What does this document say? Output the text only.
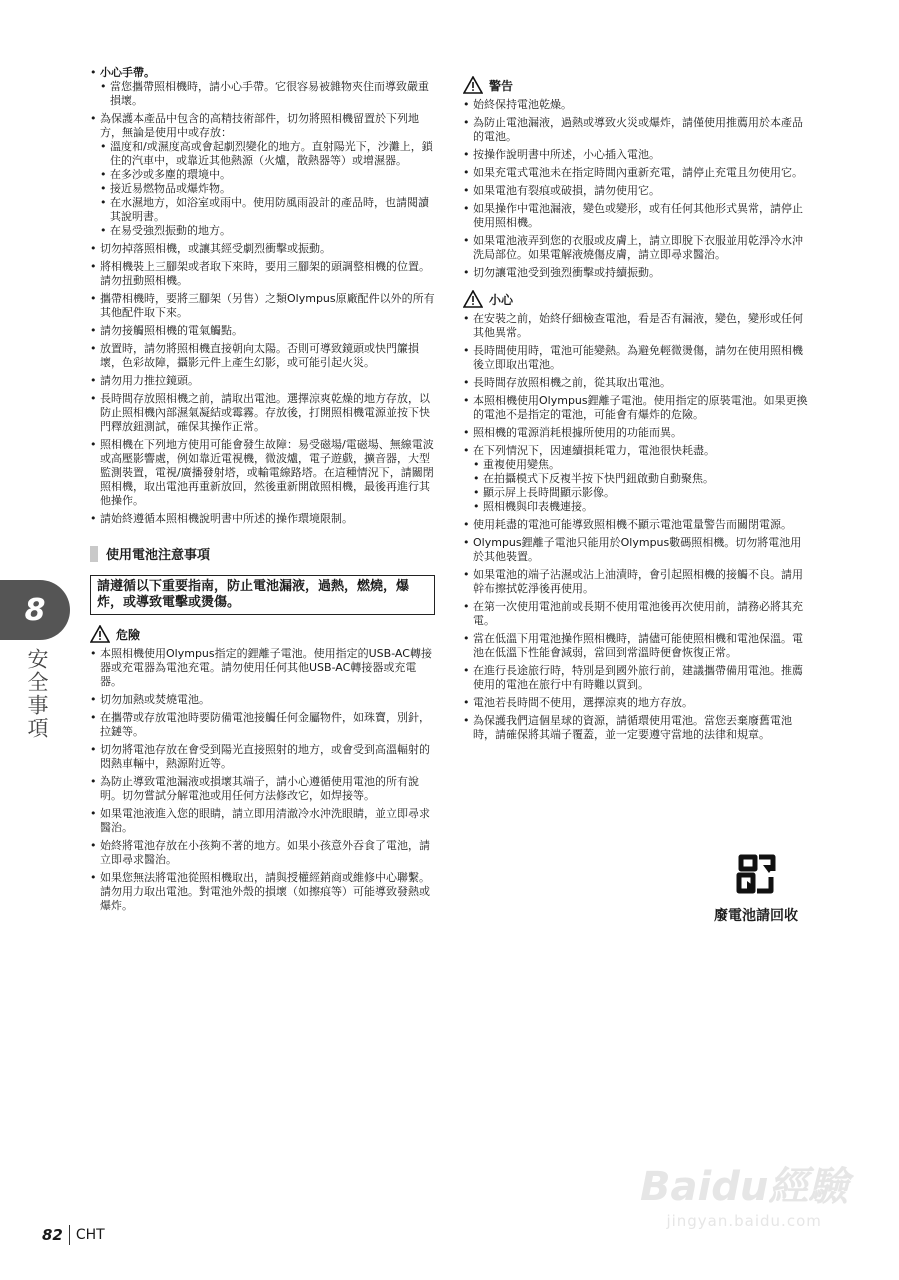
• 小心手帶。
• 當您攜帶照相機時，請小心手帶。它很容易被雜物夾住而導致嚴重損壞。
• 為保護本產品中包含的高精技術部件，切勿將照相機留置於下列地方，無論是使用中或存放：
• 溫度和/或濕度高或會起劇烈變化的地方。直射陽光下，沙灘上，鎖住的汽車中，或靠近其他熱源（火爐，散熱器等）或增濕器。
• 在多沙或多塵的環境中。
• 接近易燃物品或爆炸物。
• 在水濕地方，如浴室或雨中。使用防風雨設計的產品時，也請閱讀其說明書。
• 在易受強烈振動的地方。
• 切勿掉落照相機，或讓其經受劇烈衝擊或振動。
• 將相機裝上三腳架或者取下來時，要用三腳架的頭調整相機的位置。請勿扭動照相機。
• 攜帶相機時，要將三腳架（另售）之類Olympus原廠配件以外的所有其他配件取下來。
• 請勿接觸照相機的電氣觸點。
• 放置時，請勿將照相機直接朝向太陽。否則可導致鏡頭或快門簾損壞，色彩故障，攝影元件上產生幻影，或可能引起火災。
• 請勿用力推拉鏡頭。
• 長時間存放照相機之前，請取出電池。選擇涼爽乾燥的地方存放，以防止照相機內部濕氣凝結或霉霧。存放後，打開照相機電源並按下快門釋放鈕測試，確保其操作正常。
• 照相機在下列地方使用可能會發生故障：易受磁場/電磁場、無線電波或高壓影響處，例如靠近電視機，微波爐，電子遊戲，擴音器，大型監測裝置，電視/廣播發射塔，或輸電線路塔。在這種情況下，請關閉照相機，取出電池再重新放回，然後重新開啟照相機，最後再進行其他操作。
• 請始終遵循本照相機說明書中所述的操作環境限制。
使用電池注意事項
請遵循以下重要指南，防止電池漏液，過熱，燃燒，爆炸，或導致電擊或燙傷。
危險
• 本照相機使用Olympus指定的鋰離子電池。使用指定的USB-AC轉接器或充電器為電池充電。請勿使用任何其他USB-AC轉接器或充電器。
• 切勿加熱或焚燒電池。
• 在攜帶或存放電池時要防備電池接觸任何金屬物件，如珠寶，別針，拉鏈等。
• 切勿將電池存放在會受到陽光直接照射的地方，或會受到高溫輻射的悶熱車輛中，熱源附近等。
• 為防止導致電池漏液或損壞其端子，請小心遵循使用電池的所有說明。切勿嘗試分解電池或用任何方法修改它，如焊接等。
• 如果電池液進入您的眼睛，請立即用清澈冷水沖洗眼睛，並立即尋求醫治。
• 始終將電池存放在小孩夠不著的地方。如果小孩意外吞食了電池，請立即尋求醫治。
• 如果您無法將電池從照相機取出，請與授權經銷商或維修中心聯繫。請勿用力取出電池。對電池外殼的損壞（如擦痕等）可能導致發熱或爆炸。
警告
• 始終保持電池乾燥。
• 為防止電池漏液，過熱或導致火災或爆炸，請僅使用推薦用於本產品的電池。
• 按操作說明書中所述，小心插入電池。
• 如果充電式電池未在指定時間內重新充電，請停止充電且勿使用它。
• 如果電池有裂痕或破損，請勿使用它。
• 如果操作中電池漏液，變色或變形，或有任何其他形式異常，請停止使用照相機。
• 如果電池液弄到您的衣服或皮膚上，請立即脫下衣服並用乾淨冷水沖洗局部位。如果電解液燒傷皮膚，請立即尋求醫治。
• 切勿讓電池受到強烈衝擊或持續振動。
小心
• 在安裝之前，始終仔細檢查電池，看是否有漏液，變色，變形或任何其他異常。
• 長時間使用時，電池可能變熱。為避免輕微燙傷，請勿在使用照相機後立即取出電池。
• 長時間存放照相機之前，從其取出電池。
• 本照相機使用Olympus鋰離子電池。使用指定的原裝電池。如果更換的電池不是指定的電池，可能會有爆炸的危險。
• 照相機的電源消耗根據所使用的功能而異。
• 在下列情況下，因連續損耗電力，電池很快耗盡。
• 重複使用變焦。
• 在拍攝模式下反複半按下快門鈕啟動自動聚焦。
• 顯示屏上長時間顯示影像。
• 照相機與印表機連接。
• 使用耗盡的電池可能導致照相機不顯示電池電量警告而關閉電源。
• Olympus鋰離子電池只能用於Olympus數碼照相機。切勿將電池用於其他裝置。
• 如果電池的端子沾濕或沾上油漬時，會引起照相機的接觸不良。請用幹布擦拭乾淨後再使用。
• 在第一次使用電池前或長期不使用電池後再次使用前，請務必將其充電。
• 當在低溫下用電池操作照相機時，請儘可能使照相機和電池保溫。電池在低溫下性能會減弱，當回到常溫時便會恢復正常。
• 在進行長途旅行時，特別是到國外旅行前，建議攜帶備用電池。推薦使用的電池在旅行中有時難以買到。
• 電池若長時間不使用，選擇涼爽的地方存放。
• 為保護我們這個星球的資源，請循環使用電池。當您丟棄廢舊電池時，請確保將其端子覆蓋，並一定要遵守當地的法律和規章。
廢電池請回收
8
安全事項
82 CHT
Baidu經驗
jingyan.baidu.com
